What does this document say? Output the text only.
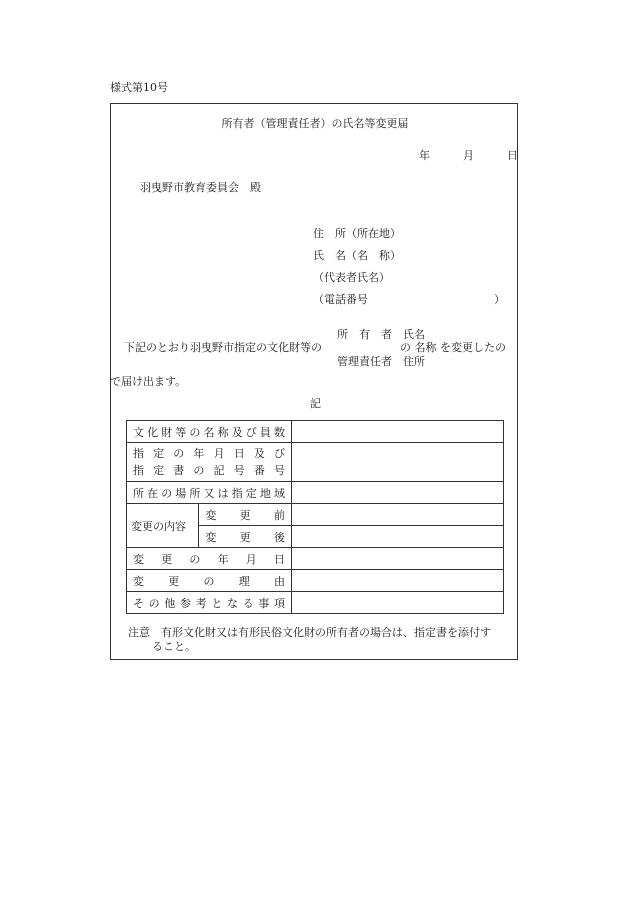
様式第10号
所有者（管理責任者）の氏名等変更届
年	月	日
羽曳野市教育委員会　殿
住　所（所在地）
氏　名（名　称）
（代表者氏名）
（電話番号	）
所　有　者　氏名
下記のとおり羽曳野市指定の文化財等の	の 名称 を変更したの
管理責任者　住所
で届け出ます。
記
文化財等の名称及び員数		

指定の年月日及び
指定書の記号番号		

所在の場所又は指定地域		
変更の内容	変更前	
	変更後	
変更の年月日		
変更の理由		
その他参考となる事項		
注意　有形文化財又は有形民俗文化財の所有者の場合は、指定書を添付す
ること。
